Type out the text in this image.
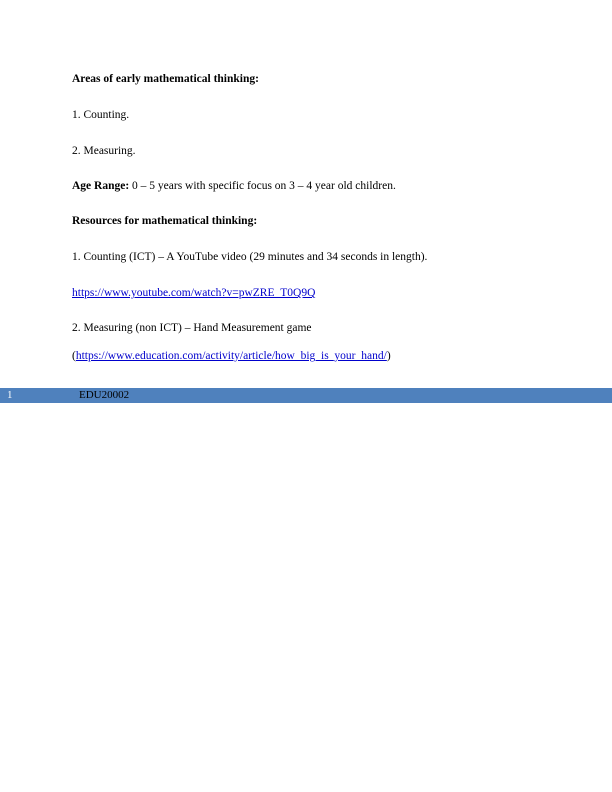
Areas of early mathematical thinking:
1. Counting.
2. Measuring.
Age Range: 0 – 5 years with specific focus on 3 – 4 year old children.
Resources for mathematical thinking:
1. Counting (ICT) – A YouTube video (29 minutes and 34 seconds in length).
https://www.youtube.com/watch?v=pwZRE_T0Q9Q
2. Measuring (non ICT) – Hand Measurement game
(https://www.education.com/activity/article/how_big_is_your_hand/)
1	EDU20002
